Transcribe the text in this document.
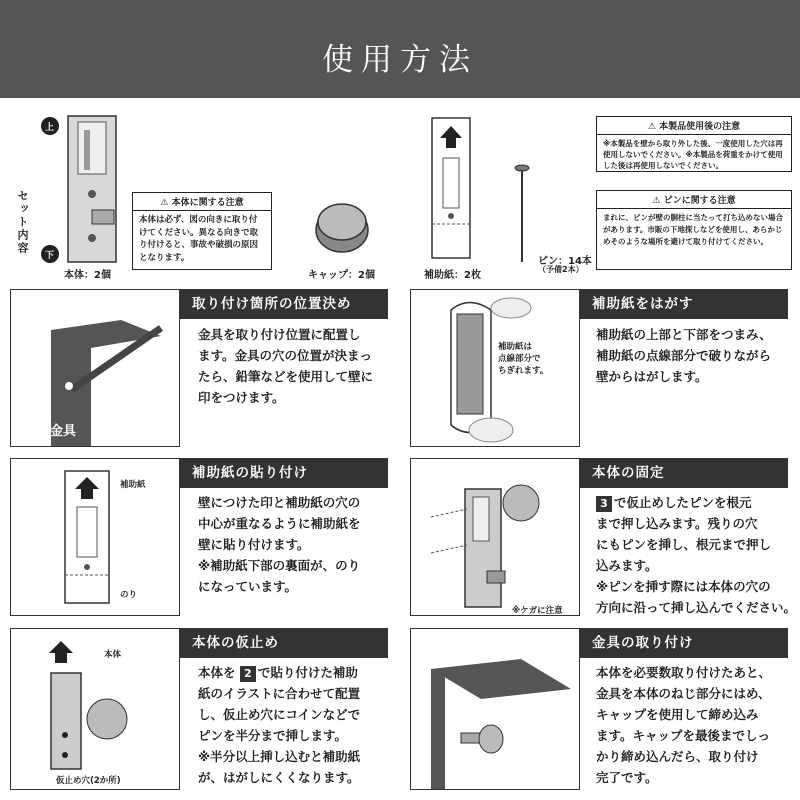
使用方法
セット内容
上
下
本体：2個
⚠ 本体に関する注意
本体は必ず、図の向きに取り付けてください。異なる向きで取り付けると、事故や破損の原因となります。
キャップ：2個	補助紙：2枚
ピン：14本
（予備2本）
⚠ 本製品使用後の注意
※本製品を壁から取り外した後、一度使用した穴は再使用しないでください。※本製品を荷重をかけて使用した後は再使用しないでください。
⚠ ピンに関する注意
まれに、ピンが壁の胴柱に当たって打ち込めない場合があります。市販の下地探しなどを使用し、あらかじめそのような場所を避けて取り付けてください。
金具
取り付け箇所の位置決め
金具を取り付け位置に配置し
ます。金具の穴の位置が決まっ
たら、鉛筆などを使用して壁に
印をつけます。
補助紙は
点線部分で
ちぎれます。
補助紙をはがす
補助紙の上部と下部をつまみ、
補助紙の点線部分で破りながら
壁からはがします。
補助紙
のり
補助紙の貼り付け
壁につけた印と補助紙の穴の
中心が重なるように補助紙を
壁に貼り付けます。
※補助紙下部の裏面が、のり
になっています。
※ケガに注意
本体の固定
3 で仮止めしたピンを根元
まで押し込みます。残りの穴
にもピンを挿し、根元まで押し
込みます。
※ピンを挿す際には本体の穴の
方向に沿って挿し込んでください。
本体
仮止め穴(2か所)
本体の仮止め
本体を 2 で貼り付けた補助
紙のイラストに合わせて配置
し、仮止め穴にコインなどで
ピンを半分まで挿します。
※半分以上挿し込むと補助紙
が、はがしにくくなります。
金具の取り付け
本体を必要数取り付けたあと、
金具を本体のねじ部分にはめ、
キャップを使用して締め込み
ます。キャップを最後までしっ
かり締め込んだら、取り付け
完了です。
